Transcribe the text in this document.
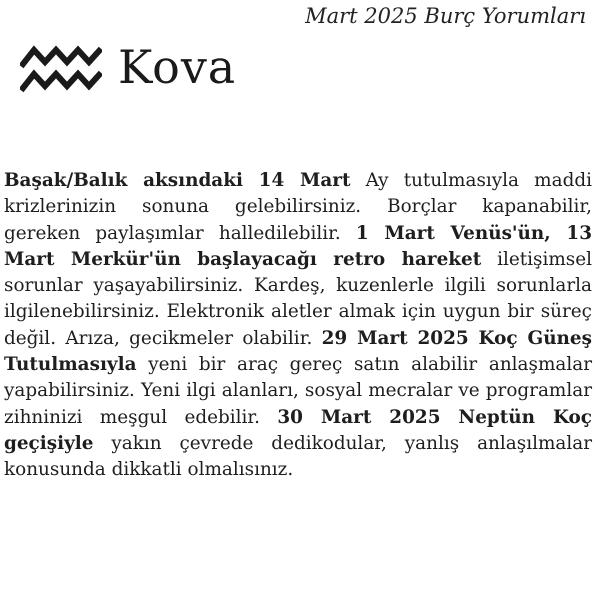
Mart 2025 Burç Yorumları
Kova

Başak/Balık aksındaki 14 Mart Ay tutulmasıyla maddi krizlerinizin sonuna gelebilirsiniz. Borçlar kapanabilir, gereken paylaşımlar halledilebilir. 1 Mart Venüs'ün, 13 Mart Merkür'ün başlayacağı retro hareket iletişimsel sorunlar yaşayabilirsiniz. Kardeş, kuzenlerle ilgili sorunlarla ilgilenebilirsiniz. Elektronik aletler almak için uygun bir süreç değil. Arıza, gecikmeler olabilir. 29 Mart 2025 Koç Güneş Tutulmasıyla yeni bir araç gereç satın alabilir anlaşmalar yapabilirsiniz. Yeni ilgi alanları, sosyal mecralar ve programlar zihninizi meşgul edebilir. 30 Mart 2025 Neptün Koç geçişiyle yakın çevrede dedikodular, yanlış anlaşılmalar konusunda dikkatli olmalısınız.
